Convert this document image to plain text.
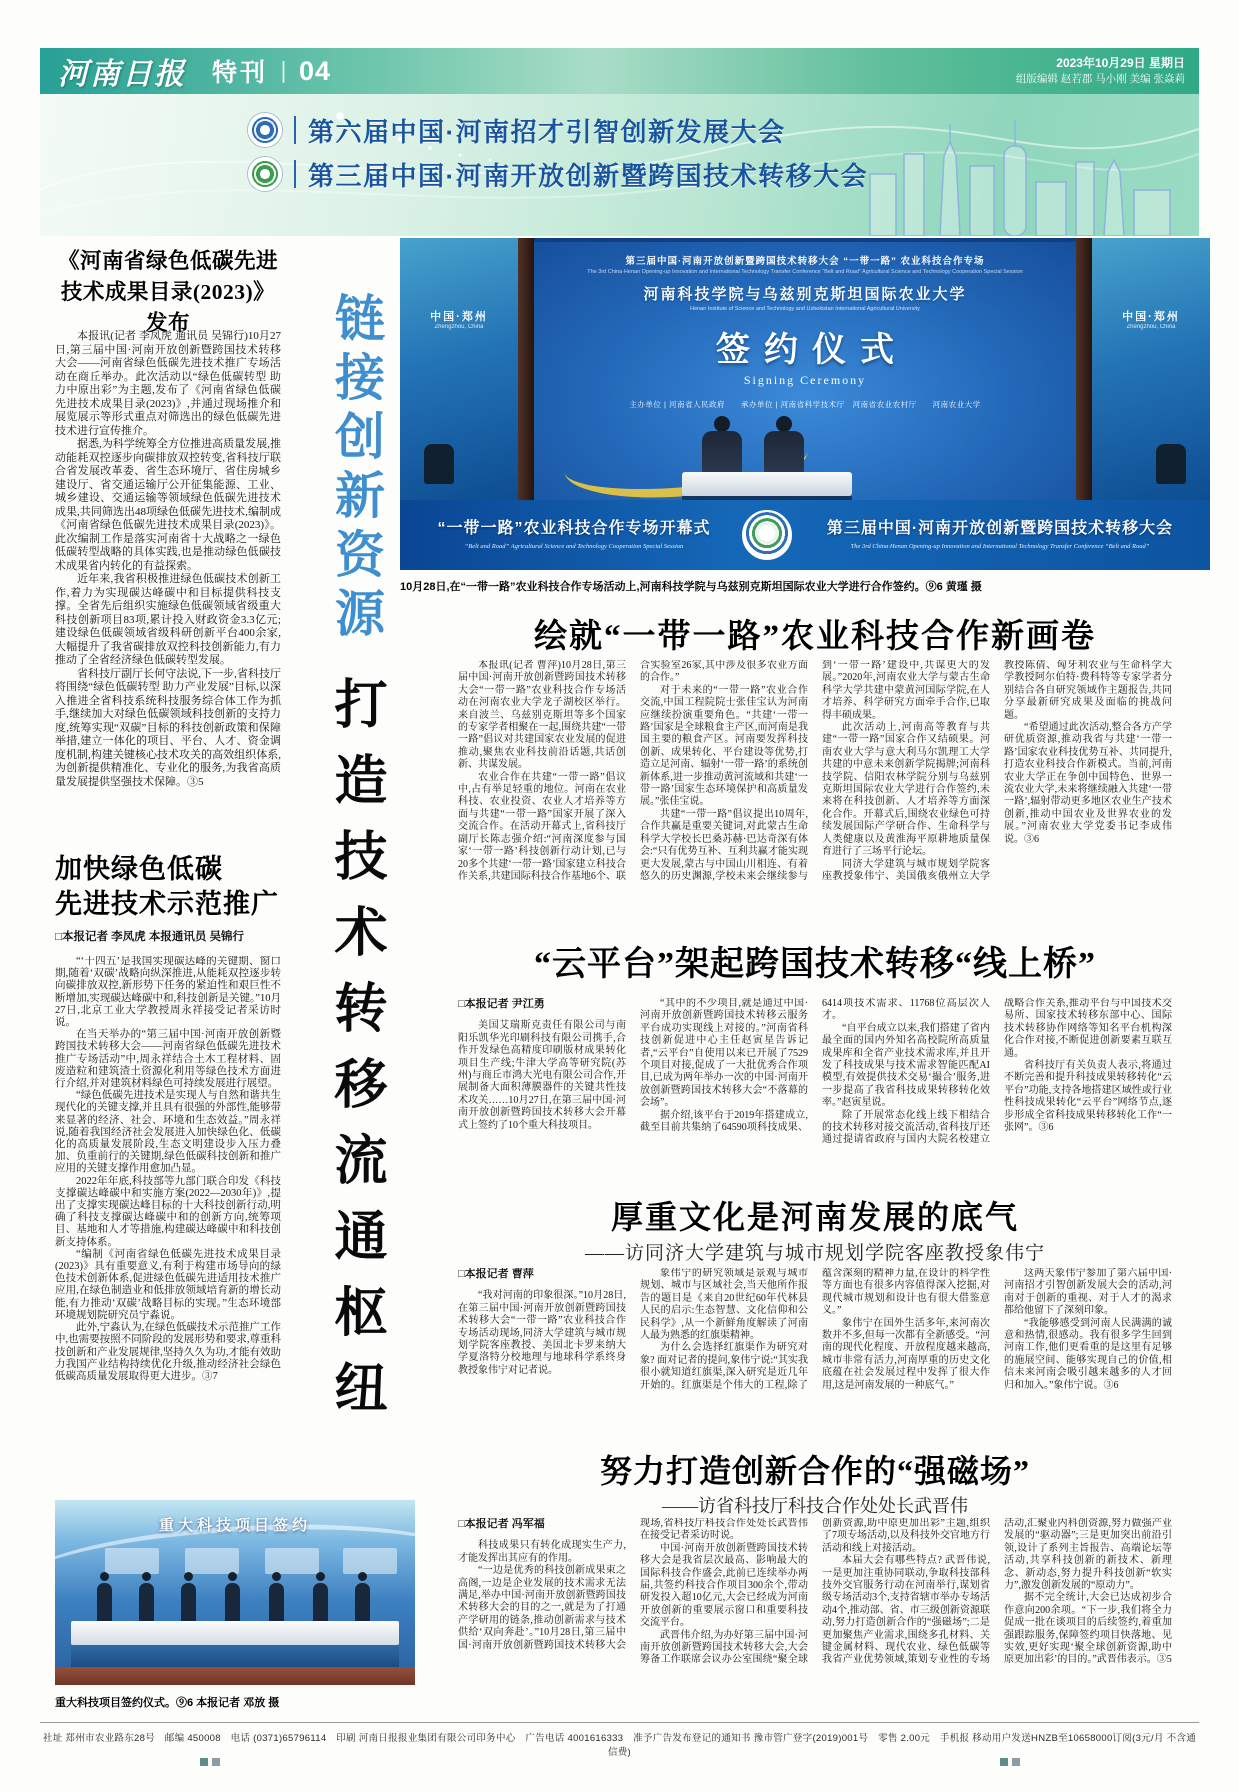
河南日报 特刊 ∣ 04	2023年10月29日 星期日
组版编辑 赵若郡 马小刚 美编 张焱莉
第六届中国·河南招才引智创新发展大会
第三届中国·河南开放创新暨跨国技术转移大会
《河南省绿色低碳先进技术成果目录(2023)》发布

本报讯(记者 李凤虎 通讯员 吴锦行)10月27日,第三届中国·河南开放创新暨跨国技术转移大会——河南省绿色低碳先进技术推广专场活动在商丘举办。此次活动以“绿色低碳转型 助力中原出彩”为主题,发布了《河南省绿色低碳先进技术成果目录(2023)》,并通过现场推介和展览展示等形式重点对筛选出的绿色低碳先进技术进行宣传推介。

据悉,为科学统筹全方位推进高质量发展,推动能耗双控逐步向碳排放双控转变,省科技厅联合省发展改革委、省生态环境厅、省住房城乡建设厅、省交通运输厅公开征集能源、工业、城乡建设、交通运输等领域绿色低碳先进技术成果,共同筛选出48项绿色低碳先进技术,编制成《河南省绿色低碳先进技术成果目录(2023)》。此次编制工作是落实河南省十大战略之一绿色低碳转型战略的具体实践,也是推动绿色低碳技术成果省内转化的有益探索。

近年来,我省积极推进绿色低碳技术创新工作,着力为实现碳达峰碳中和目标提供科技支撑。全省先后组织实施绿色低碳领域省级重大科技创新项目83项,累计投入财政资金3.3亿元;建设绿色低碳领域省级科研创新平台400余家,大幅提升了我省碳排放双控科技创新能力,有力推动了全省经济绿色低碳转型发展。

省科技厅副厅长何守法说,下一步,省科技厅将围绕“绿色低碳转型 助力产业发展”目标,以深入推进全省科技系统科技服务综合体工作为抓手,继续加大对绿色低碳领域科技创新的支持力度,统筹实现“双碳”目标的科技创新政策和保障举措,建立一体化的项目、平台、人才、资金调度机制,构建关键核心技术攻关的高效组织体系,为创新提供精准化、专业化的服务,为我省高质量发展提供坚强技术保障。③5

加快绿色低碳
先进技术示范推广
□本报记者 李凤虎 本报通讯员 吴锦行

“‘十四五’是我国实现碳达峰的关键期、窗口期,随着‘双碳’战略向纵深推进,从能耗双控逐步转向碳排放双控,新形势下任务的紧迫性和艰巨性不断增加,实现碳达峰碳中和,科技创新是关键。”10月27日,北京工业大学教授周永祥接受记者采访时说。

在当天举办的“第三届中国·河南开放创新暨跨国技术转移大会——河南省绿色低碳先进技术推广专场活动”中,周永祥结合土木工程材料、固废造粒和建筑渣土资源化利用等绿色技术方面进行介绍,并对建筑材料绿色可持续发展进行展望。

“绿色低碳先进技术是实现人与自然和谐共生现代化的关键支撑,并且具有很强的外部性,能够带来显著的经济、社会、环境和生态效益。”周永祥说,随着我国经济社会发展进入加快绿色化、低碳化的高质量发展阶段,生态文明建设步入压力叠加、负重前行的关键期,绿色低碳科技创新和推广应用的关键支撑作用愈加凸显。

2022年年底,科技部等九部门联合印发《科技支撑碳达峰碳中和实施方案(2022—2030年)》,提出了支撑实现碳达峰目标的十大科技创新行动,明确了科技支撑碳达峰碳中和的创新方向,统筹项目、基地和人才等措施,构建碳达峰碳中和科技创新支持体系。

“编制《河南省绿色低碳先进技术成果目录(2023)》具有重要意义,有利于构建市场导向的绿色技术创新体系,促进绿色低碳先进适用技术推广应用,在绿色制造业和低排放领域培育新的增长动能,有力推动‘双碳’战略目标的实现。”生态环境部环境规划院研究员宁淼说。

此外,宁淼认为,在绿色低碳技术示范推广工作中,也需要按照不同阶段的发展形势和要求,尊重科技创新和产业发展规律,坚持久久为功,才能有效助力我国产业结构持续优化升级,推动经济社会绿色低碳高质量发展取得更大进步。③7

链接创新资源
打造技术转移流通枢纽
中国·郑州
Zhengzhou, China
第三届中国·河南开放创新暨跨国技术转移大会 “一带一路” 农业科技合作专场
The 3rd China·Henan Opening-up Innovation and International Technology Transfer Conference “Belt and Road” Agricultural Science and Technology Cooperation Special Session
河南科技学院与乌兹别克斯坦国际农业大学
Henan Institute of Science and Technology and Uzbekistan International Agricultural University
签约仪式
Signing Ceremony
主办单位 | 河南省人民政府　　承办单位 | 河南省科学技术厅　河南省农业农村厅　　河南农业大学
中国·郑州
Zhengzhou, China
“一带一路”农业科技合作专场开幕式
“Belt and Road” Agricultural Science and Technology Cooperation Special Session
第三届中国·河南开放创新暨跨国技术转移大会
The 3rd China·Henan Opening-up Innovation and International Technology Transfer Conference “Belt and Road”
10月28日,在“一带一路”农业科技合作专场活动上,河南科技学院与乌兹别克斯坦国际农业大学进行合作签约。⑨6 黄瑾 摄
绘就“一带一路”农业科技合作新画卷

本报讯(记者 曹萍)10月28日,第三届中国·河南开放创新暨跨国技术转移大会“一带一路”农业科技合作专场活动在河南农业大学龙子湖校区举行。来自波兰、乌兹别克斯坦等多个国家的专家学者相聚在一起,围绕共建“一带一路”倡议对共建国家农业发展的促进推动,聚焦农业科技前沿话题,共话创新、共谋发展。

农业合作在共建“一带一路”倡议中,占有举足轻重的地位。河南在农业科技、农业投资、农业人才培养等方面与共建“一带一路”国家开展了深入交流合作。在活动开幕式上,省科技厅副厅长陈志强介绍:“河南深度参与国家‘一带一路’科技创新行动计划,已与20多个共建‘一带一路’国家建立科技合作关系,共建国际科技合作基地6个、联合实验室26家,其中涉及很多农业方面的合作。”

对于未来的“一带一路”农业合作交流,中国工程院院士张佳宝认为河南应继续扮演重要角色。“共建‘一带一路’国家是全球粮食主产区,而河南是我国主要的粮食产区。河南要发挥科技创新、成果转化、平台建设等优势,打造立足河南、辐射‘一带一路’的系统创新体系,进一步推动黄河流域和共建‘一带一路’国家生态环境保护和高质量发展。”张佳宝说。

共建“一带一路”倡议提出10周年,合作共赢是重要关键词,对此蒙古生命科学大学校长巴桑苏赫·巴达奇深有体会:“只有优势互补、互利共赢才能实现更大发展,蒙古与中国山川相连、有着悠久的历史渊源,学校未来会继续参与到‘一带一路’建设中,共谋更大的发展。”2020年,河南农业大学与蒙古生命科学大学共建中蒙黄河国际学院,在人才培养、科学研究方面牵手合作,已取得丰硕成果。

此次活动上,河南高等教育与共建“一带一路”国家合作又结硕果。河南农业大学与意大利马尔凯理工大学共建的中意未来创新学院揭牌;河南科技学院、信阳农林学院分别与乌兹别克斯坦国际农业大学进行合作签约,未来将在科技创新、人才培养等方面深化合作。开幕式后,围绕农业绿色可持续发展国际产学研合作、生命科学与人类健康以及黄淮海平原耕地质量保育进行了三场平行论坛。

同济大学建筑与城市规划学院客座教授象伟宁、美国俄亥俄州立大学教授陈倩、匈牙利农业与生命科学大学教授阿尔伯特·费科特等专家学者分别结合各自研究领域作主题报告,共同分享最新研究成果及面临的挑战问题。

“希望通过此次活动,整合各方产学研优质资源,推动我省与共建‘一带一路’国家农业科技优势互补、共同提升,打造农业科技合作新模式。当前,河南农业大学正在争创中国特色、世界一流农业大学,未来将继续融入共建‘一带一路’,辐射带动更多地区农业生产技术创新,推动中国农业及世界农业的发展。”河南农业大学党委书记李成伟说。③6

“云平台”架起跨国技术转移“线上桥”

□本报记者 尹江勇

美国艾瑞斯克责任有限公司与南阳乐凯华光印刷科技有限公司携手,合作开发绿色高精度印刷版材成果转化项目生产线;牛津大学高等研究院(苏州)与商丘市鸿大光电有限公司合作,开展制备大面积薄膜器件的关键共性技术攻关……10月27日,在第三届中国·河南开放创新暨跨国技术转移大会开幕式上签约了10个重大科技项目。

“其中的不少项目,就是通过中国·河南开放创新暨跨国技术转移云服务平台成功实现线上对接的。”河南省科技创新促进中心主任赵寅星告诉记者,“云平台”自使用以来已开展了7529个项目对接,促成了一大批优秀合作项目,已成为两年举办一次的中国·河南开放创新暨跨国技术转移大会“不落幕的会场”。

据介绍,该平台于2019年搭建成立,截至目前共集纳了64590项科技成果、6414项技术需求、11768位高层次人才。

“自平台成立以来,我们搭建了省内最全面的国内外知名高校院所高质量成果库和全省产业技术需求库,并且开发了科技成果与技术需求智能匹配AI模型,有效提供技术交易‘撮合’服务,进一步提高了我省科技成果转移转化效率。”赵寅星说。

除了开展常态化线上线下相结合的技术转移对接交流活动,省科技厅还通过提请省政府与国内大院名校建立战略合作关系,推动平台与中国技术交易所、国家技术转移东部中心、国际技术转移协作网络等知名平台机构深化合作对接,不断促进创新要素互联互通。

省科技厅有关负责人表示,将通过不断完善和提升科技成果转移转化“云平台”功能,支持各地搭建区域性或行业性科技成果转化“云平台”网络节点,逐步形成全省科技成果转移转化工作“一张网”。③6

厚重文化是河南发展的底气
——访同济大学建筑与城市规划学院客座教授象伟宁

□本报记者 曹萍

“我对河南的印象很深。”10月28日,在第三届中国·河南开放创新暨跨国技术转移大会“一带一路”农业科技合作专场活动现场,同济大学建筑与城市规划学院客座教授、美国北卡罗来纳大学夏洛特分校地理与地球科学系终身教授象伟宁对记者说。

象伟宁的研究领域是景观与城市规划、城市与区域社会,当天他所作报告的题目是《来自20世纪60年代林县人民的启示:生态智慧、文化信仰和公民科学》,从一个新鲜角度解读了河南人最为熟悉的红旗渠精神。

为什么会选择红旗渠作为研究对象? 面对记者的提问,象伟宁说:“其实我很小就知道红旗渠,深入研究是近几年开始的。红旗渠是个伟大的工程,除了蕴含深刻的精神力量,在设计的科学性等方面也有很多内容值得深入挖掘,对现代城市规划和设计也有很大借鉴意义。”

象伟宁在国外生活多年,来河南次数并不多,但每一次都有全新感受。“河南的现代化程度、开放程度越来越高,城市非常有活力,河南厚重的历史文化底蕴在社会发展过程中发挥了很大作用,这是河南发展的一种底气。”

这两天象伟宁参加了第六届中国·河南招才引智创新发展大会的活动,河南对于创新的重视、对于人才的渴求都给他留下了深刻印象。

“我能够感受到河南人民满满的诚意和热情,很感动。我有很多学生回到河南工作,他们更看重的是这里有足够的施展空间、能够实现自己的价值,相信未来河南会吸引越来越多的人才回归和加入。”象伟宁说。③6

努力打造创新合作的“强磁场”
——访省科技厅科技合作处处长武晋伟

□本报记者 冯军福

科技成果只有转化成现实生产力,才能发挥出其应有的作用。

“一边是优秀的科技创新成果束之高阁,一边是企业发展的技术需求无法满足,举办中国·河南开放创新暨跨国技术转移大会的目的之一,就是为了打通产学研用的链条,推动创新需求与技术供给‘双向奔赴’。”10月28日,第三届中国·河南开放创新暨跨国技术转移大会现场,省科技厅科技合作处处长武晋伟在接受记者采访时说。

中国·河南开放创新暨跨国技术转移大会是我省层次最高、影响最大的国际科技合作盛会,此前已连续举办两届,共签约科技合作项目300余个,带动研发投入超10亿元,大会已经成为河南开放创新的重要展示窗口和重要科技交流平台。

武晋伟介绍,为办好第三届中国·河南开放创新暨跨国技术转移大会,大会筹备工作联席会议办公室围绕“聚全球创新资源,助中原更加出彩”主题,组织了7项专场活动,以及科技外交官地方行活动和线上对接活动。

本届大会有哪些特点? 武晋伟说,一是更加注重协同联动,争取科技部科技外交官服务行动在河南举行,谋划省级专场活动3个,支持省辖市举办专场活动4个,推动部、省、市三级创新资源联动,努力打造创新合作的“强磁场”;二是更加聚焦产业需求,围绕多孔材料、关键金属材料、现代农业、绿色低碳等我省产业优势领域,策划专业性的专场活动,汇聚业内科创资源,努力做强产业发展的“驱动器”;三是更加突出前沿引领,设计了系列主旨报告、高端论坛等活动,共享科技创新的新技术、新理念、新动态,努力提升科技创新“软实力”,激发创新发展的“原动力”。

据不完全统计,大会已达成初步合作意向200余项。“下一步,我们将全力促成一批在谈项目的后续签约,着重加强跟踪服务,保障签约项目快落地、见实效,更好实现‘聚全球创新资源,助中原更加出彩’的目的。”武晋伟表示。③5

重大科技项目签约
重大科技项目签约仪式。⑨6 本报记者 邓放 摄
社址 郑州市农业路东28号　邮编 450008　电话 (0371)65796114　印刷 河南日报报业集团有限公司印务中心　广告电话 4001616333　准予广告发布登记的通知书 豫市管广登字(2019)001号　零售 2.00元　手机报 移动用户发送HNZB至10658000订阅(3元/月 不含通信费)
